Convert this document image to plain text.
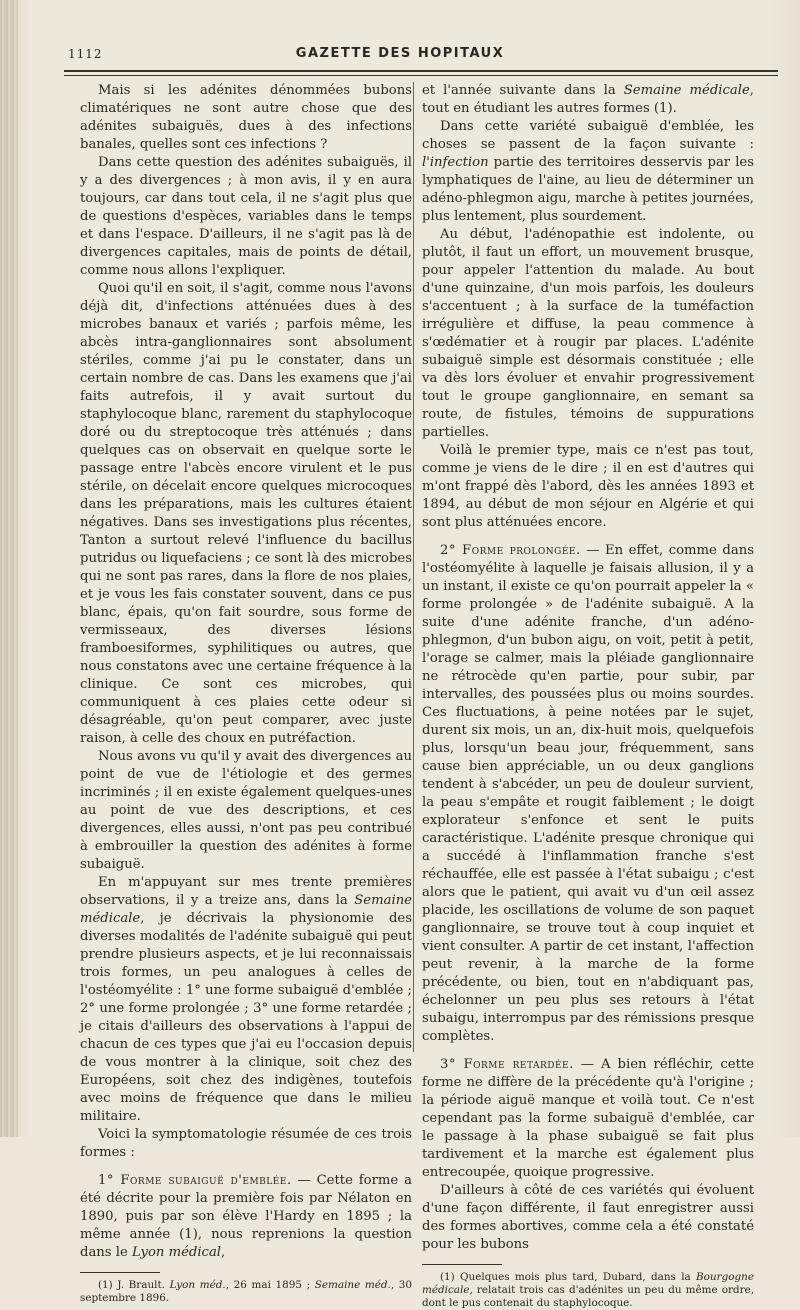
1112	GAZETTE DES HOPITAUX

Mais si les adénites dénommées bubons climatériques ne sont autre chose que des adénites subaiguës, dues à des infections banales, quelles sont ces infections ?

Dans cette question des adénites subaiguës, il y a des divergences ; à mon avis, il y en aura toujours, car dans tout cela, il ne s'agit plus que de questions d'espèces, variables dans le temps et dans l'espace. D'ailleurs, il ne s'agit pas là de divergences capitales, mais de points de détail, comme nous allons l'expliquer.

Quoi qu'il en soit, il s'agit, comme nous l'avons déjà dit, d'infections atténuées dues à des microbes banaux et variés ; parfois même, les abcès intra-ganglionnaires sont absolument stériles, comme j'ai pu le constater, dans un certain nombre de cas. Dans les examens que j'ai faits autrefois, il y avait surtout du staphylocoque blanc, rarement du staphylocoque doré ou du streptocoque très atténués ; dans quelques cas on observait en quelque sorte le passage entre l'abcès encore virulent et le pus stérile, on décelait encore quelques microcoques dans les préparations, mais les cultures étaient négatives. Dans ses investigations plus récentes, Tanton a surtout relevé l'influence du bacillus putridus ou liquefaciens ; ce sont là des microbes qui ne sont pas rares, dans la flore de nos plaies, et je vous les fais constater souvent, dans ce pus blanc, épais, qu'on fait sourdre, sous forme de vermisseaux, des diverses lésions framboesiformes, syphilitiques ou autres, que nous constatons avec une certaine fréquence à la clinique. Ce sont ces microbes, qui communiquent à ces plaies cette odeur si désagréable, qu'on peut comparer, avec juste raison, à celle des choux en putréfaction.

Nous avons vu qu'il y avait des divergences au point de vue de l'étiologie et des germes incriminés ; il en existe également quelques-unes au point de vue des descriptions, et ces divergences, elles aussi, n'ont pas peu contribué à embrouiller la question des adénites à forme subaiguë.

En m'appuyant sur mes trente premières observations, il y a treize ans, dans la Semaine médicale, je décrivais la physionomie des diverses modalités de l'adénite subaiguë qui peut prendre plusieurs aspects, et je lui reconnaissais trois formes, un peu analogues à celles de l'ostéomyélite : 1° une forme subaiguë d'emblée ; 2° une forme prolongée ; 3° une forme retardée ; je citais d'ailleurs des observations à l'appui de chacun de ces types que j'ai eu l'occasion depuis de vous montrer à la clinique, soit chez des Européens, soit chez des indigènes, toutefois avec moins de fréquence que dans le milieu militaire.

Voici la symptomatologie résumée de ces trois formes :

1° Forme subaiguë d'emblée. — Cette forme a été décrite pour la première fois par Nélaton en 1890, puis par son élève l'Hardy en 1895 ; la même année (1), nous reprenions la question dans le Lyon médical,

(1) J. Brault. Lyon méd., 26 mai 1895 ; Semaine méd., 30 septembre 1896.

et l'année suivante dans la Semaine médicale, tout en étudiant les autres formes (1).

Dans cette variété subaiguë d'emblée, les choses se passent de la façon suivante : l'infection partie des territoires desservis par les lymphatiques de l'aine, au lieu de déterminer un adéno-phlegmon aigu, marche à petites journées, plus lentement, plus sourdement.

Au début, l'adénopathie est indolente, ou plutôt, il faut un effort, un mouvement brusque, pour appeler l'attention du malade. Au bout d'une quinzaine, d'un mois parfois, les douleurs s'accentuent ; à la surface de la tuméfaction irrégulière et diffuse, la peau commence à s'œdématier et à rougir par places. L'adénite subaiguë simple est désormais constituée ; elle va dès lors évoluer et envahir progressivement tout le groupe ganglionnaire, en semant sa route, de fistules, témoins de suppurations partielles.

Voilà le premier type, mais ce n'est pas tout, comme je viens de le dire ; il en est d'autres qui m'ont frappé dès l'abord, dès les années 1893 et 1894, au début de mon séjour en Algérie et qui sont plus atténuées encore.

2° Forme prolongée. — En effet, comme dans l'ostéomyélite à laquelle je faisais allusion, il y a un instant, il existe ce qu'on pourrait appeler la « forme prolongée » de l'adénite subaiguë. A la suite d'une adénite franche, d'un adéno-phlegmon, d'un bubon aigu, on voit, petit à petit, l'orage se calmer, mais la pléiade ganglionnaire ne rétrocède qu'en partie, pour subir, par intervalles, des poussées plus ou moins sourdes. Ces fluctuations, à peine notées par le sujet, durent six mois, un an, dix-huit mois, quelquefois plus, lorsqu'un beau jour, fréquemment, sans cause bien appréciable, un ou deux ganglions tendent à s'abcéder, un peu de douleur survient, la peau s'empâte et rougit faiblement ; le doigt explorateur s'enfonce et sent le puits caractéristique. L'adénite presque chronique qui a succédé à l'inflammation franche s'est réchauffée, elle est passée à l'état subaigu ; c'est alors que le patient, qui avait vu d'un œil assez placide, les oscillations de volume de son paquet ganglionnaire, se trouve tout à coup inquiet et vient consulter. A partir de cet instant, l'affection peut revenir, à la marche de la forme précédente, ou bien, tout en n'abdiquant pas, échelonner un peu plus ses retours à l'état subaigu, interrompus par des rémissions presque complètes.

3° Forme retardée. — A bien réfléchir, cette forme ne diffère de la précédente qu'à l'origine ; la période aiguë manque et voilà tout. Ce n'est cependant pas la forme subaiguë d'emblée, car le passage à la phase subaiguë se fait plus tardivement et la marche est également plus entrecoupée, quoique progressive.

D'ailleurs à côté de ces variétés qui évoluent d'une façon différente, il faut enregistrer aussi des formes abortives, comme cela a été constaté pour les bubons

(1) Quelques mois plus tard, Dubard, dans la Bourgogne médicale, relatait trois cas d'adénites un peu du même ordre, dont le pus contenait du staphylocoque.
